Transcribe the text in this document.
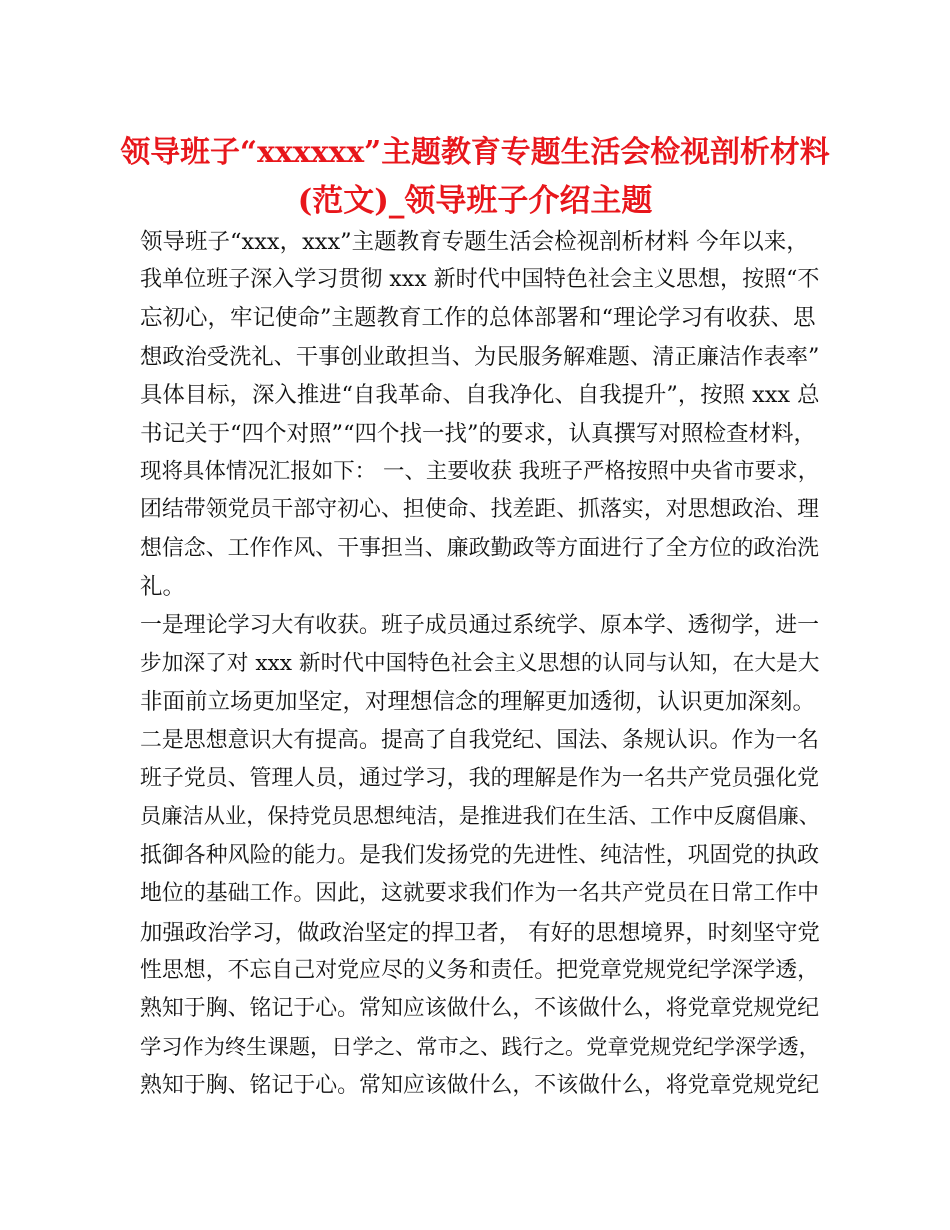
领导班子“xxxxxx”主题教育专题生活会检视剖析材料
(范文)_领导班子介绍主题
领导班子“xxx，xxx”主题教育专题生活会检视剖析材料 今年以来，
我单位班子深入学习贯彻 xxx 新时代中国特色社会主义思想，按照“不
忘初心，牢记使命”主题教育工作的总体部署和“理论学习有收获、思
想政治受洗礼、干事创业敢担当、为民服务解难题、清正廉洁作表率”
具体目标，深入推进“自我革命、自我净化、自我提升”，按照 xxx 总
书记关于“四个对照”“四个找一找”的要求，认真撰写对照检查材料，
现将具体情况汇报如下： 一、主要收获 我班子严格按照中央省市要求，
团结带领党员干部守初心、担使命、找差距、抓落实，对思想政治、理
想信念、工作作风、干事担当、廉政勤政等方面进行了全方位的政治洗
礼。
一是理论学习大有收获。班子成员通过系统学、原本学、透彻学，进一
步加深了对 xxx 新时代中国特色社会主义思想的认同与认知，在大是大
非面前立场更加坚定，对理想信念的理解更加透彻，认识更加深刻。
二是思想意识大有提高。提高了自我党纪、国法、条规认识。作为一名
班子党员、管理人员，通过学习，我的理解是作为一名共产党员强化党
员廉洁从业，保持党员思想纯洁，是推进我们在生活、工作中反腐倡廉、
抵御各种风险的能力。是我们发扬党的先进性、纯洁性，巩固党的执政
地位的基础工作。因此，这就要求我们作为一名共产党员在日常工作中
加强政治学习，做政治坚定的捍卫者， 有好的思想境界，时刻坚守党
性思想，不忘自己对党应尽的义务和责任。把党章党规党纪学深学透，
熟知于胸、铭记于心。常知应该做什么，不该做什么，将党章党规党纪
学习作为终生课题，日学之、常市之、践行之。党章党规党纪学深学透，
熟知于胸、铭记于心。常知应该做什么，不该做什么，将党章党规党纪
